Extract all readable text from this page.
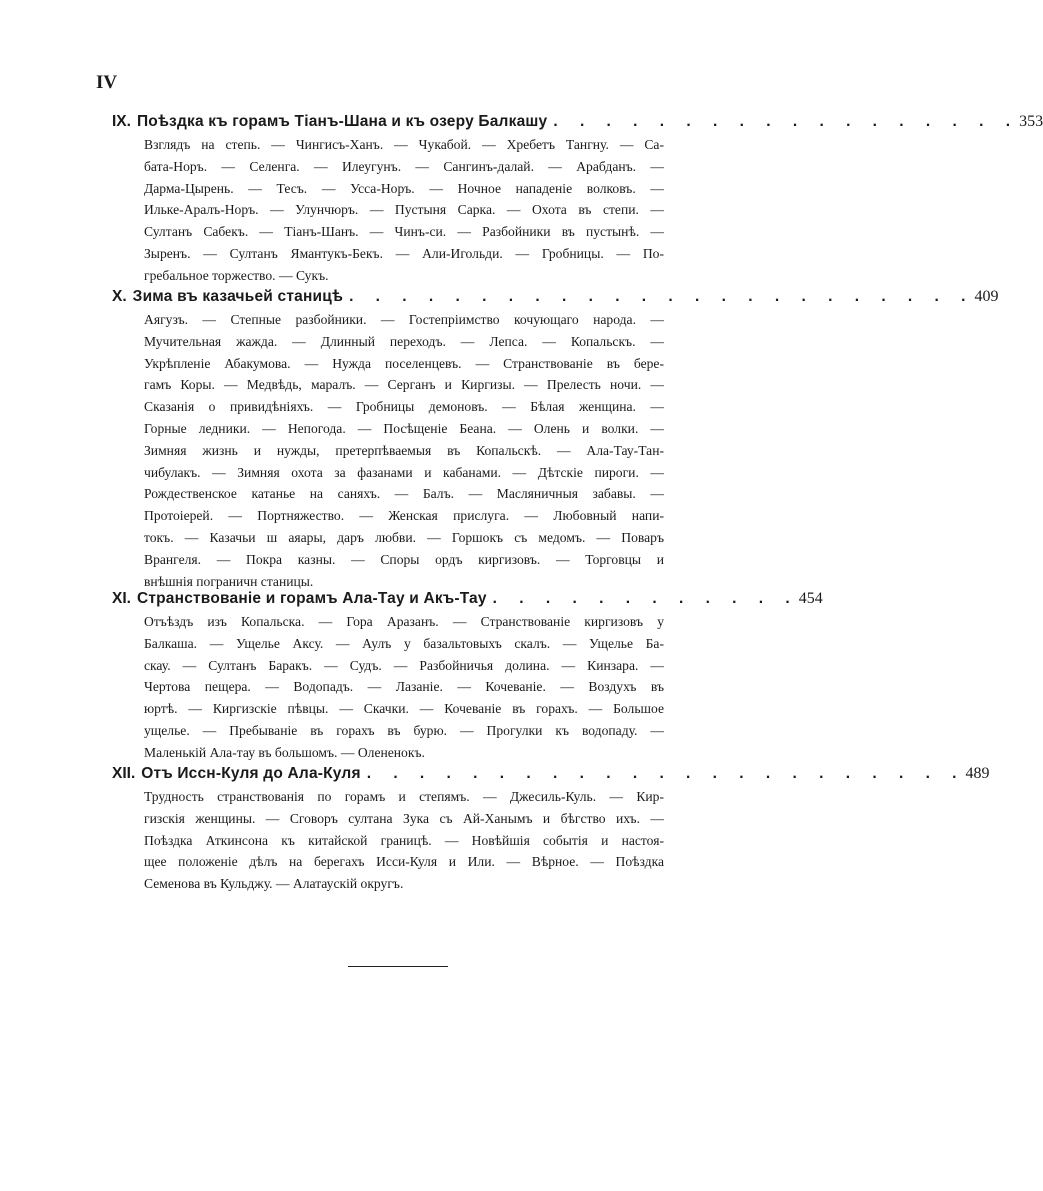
IV
IX. Поѣздка къ горамъ Тіанъ-Шана и къ озеру Балкашу . . . . . . . . . . . . . . . . . . 353
Взглядъ на степь. — Чингисъ-Ханъ. — Чукабой. — Хребетъ Тангну. — Са-
бата-Норъ. — Селенга. — Илеугунъ. — Сангинъ-далай. — Арабданъ. —
Дарма-Цырень. — Тесъ. — Усса-Норъ. — Ночное нападеніе волковъ. —
Ильке-Аралъ-Норъ. — Улунчюръ. — Пустыня Сарка. — Охота въ степи. —
Султанъ Сабекъ. — Тіанъ-Шанъ. — Чинъ-си. — Разбойники въ пустынѣ. —
Зыренъ. — Султанъ Ямантукъ-Бекъ. — Али-Игольди. — Гробницы. — По-
гребальное торжество. — Сукъ.
X. Зима въ казачьей станицѣ . . . . . . . . . . . . . . . . . . . . . . . . 409
Аягузъ. — Степные разбойники. — Гостепріимство кочующаго народа. —
Мучительная жажда. — Длинный переходъ. — Лепса. — Копальскъ. —
Укрѣпленіе Абакумова. — Нужда поселенцевъ. — Странствованіе въ бере-
гамъ Коры. — Медвѣдь, маралъ. — Серганъ и Киргизы. — Прелесть ночи. —
Сказанія о привидѣніяхъ. — Гробницы демоновъ. — Бѣлая женщина. —
Горные ледники. — Непогода. — Посѣщеніе Беана. — Олень и волки. —
Зимняя жизнь и нужды, претерпѣваемыя въ Копальскѣ. — Ала-Тау-Тан-
чибулакъ. — Зимняя охота за фазанами и кабанами. — Дѣтскіе пироги. —
Рождественское катанье на саняхъ. — Балъ. — Масляничныя забавы. —
Протоіерей. — Портняжество. — Женская прислуга. — Любовный напи-
токъ. — Казачьи ш аяары, даръ любви. — Горшокъ съ медомъ. — Поваръ
Врангеля. — Покра казны. — Споры ордъ киргизовъ. — Торговцы и
внѣшнія пограничн станицы.
XI. Странствованіе и горамъ Ала-Тау и Акъ-Тау . . . . . . . . . . . . 454
Отъѣздъ изъ Копальска. — Гора Аразанъ. — Странствованіе киргизовъ у
Балкаша. — Ущелье Аксу. — Аулъ у базальтовыхъ скалъ. — Ущелье Ба-
скау. — Султанъ Баракъ. — Судъ. — Разбойничья долина. — Кинзара. —
Чертова пещера. — Водопадъ. — Лазаніе. — Кочеваніе. — Воздухъ въ
юртѣ. — Киргизскіе пѣвцы. — Скачки. — Кочеваніе въ горахъ. — Большое
ущелье. — Пребываніе въ горахъ въ бурю. — Прогулки къ водопаду. —
Маленькій Ала-тау въ большомъ. — Олененокъ.
XII. Отъ Иссн-Куля до Ала-Куля . . . . . . . . . . . . . . . . . . . . . . . 489
Трудность странствованія по горамъ и степямъ. — Джесиль-Куль. — Кир-
гизскія женщины. — Сговоръ султана Зука съ Ай-Ханымъ и бѣгство ихъ. —
Поѣздка Аткинсона къ китайской границѣ. — Новѣйшія событія и настоя-
щее положеніе дѣлъ на берегахъ Исси-Куля и Или. — Вѣрное. — Поѣздка
Семенова въ Кульджу. — Алатаускій округъ.
